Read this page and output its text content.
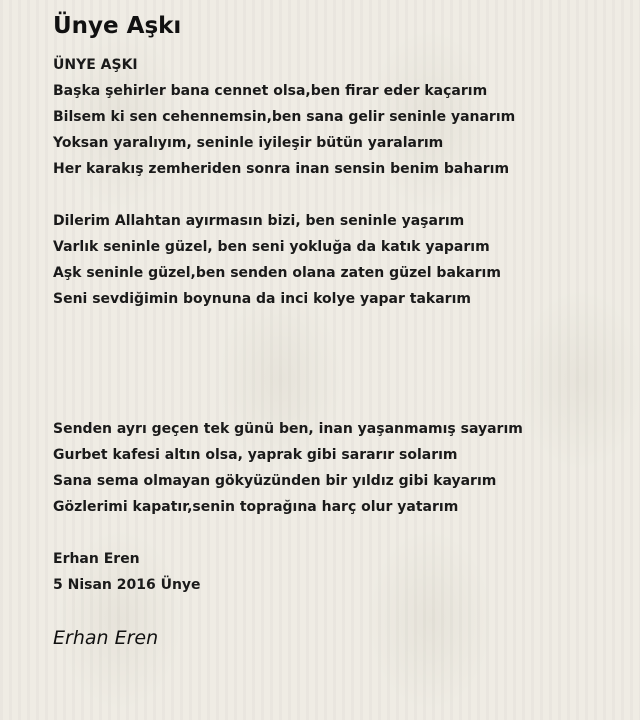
Ünye Aşkı
ÜNYE AŞKI
Başka şehirler bana cennet olsa,ben firar eder kaçarım
Bilsem ki sen cehennemsin,ben sana gelir seninle yanarım
Yoksan yaralıyım, seninle iyileşir bütün yaralarım
Her karakış zemheriden sonra inan sensin benim baharım
Dilerim Allahtan ayırmasın bizi, ben seninle yaşarım
Varlık seninle güzel, ben seni yokluğa da katık yaparım
Aşk seninle güzel,ben senden olana zaten güzel bakarım
Seni sevdiğimin boynuna da inci kolye yapar takarım
Senden ayrı geçen tek günü ben, inan yaşanmamış sayarım
Gurbet kafesi altın olsa, yaprak gibi sararır solarım
Sana sema olmayan gökyüzünden bir yıldız gibi kayarım
Gözlerimi kapatır,senin toprağına harç olur yatarım
Erhan Eren
5 Nisan 2016 Ünye
Erhan Eren
